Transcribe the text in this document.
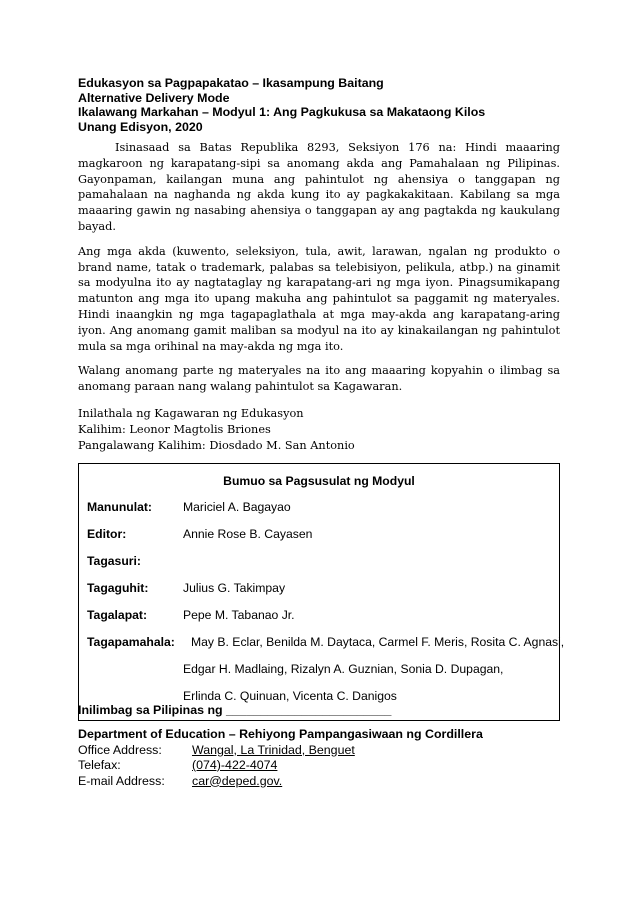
Edukasyon sa Pagpapakatao – Ikasampung Baitang
Alternative Delivery Mode
Ikalawang Markahan – Modyul 1: Ang Pagkukusa sa Makataong Kilos
Unang Edisyon, 2020
Isinasaad sa Batas Republika 8293, Seksiyon 176 na: Hindi maaaring magkaroon ng karapatang-sipi sa anomang akda ang Pamahalaan ng Pilipinas. Gayonpaman, kailangan muna ang pahintulot ng ahensiya o tanggapan ng pamahalaan na naghanda ng akda kung ito ay pagkakakitaan. Kabilang sa mga maaaring gawin ng nasabing ahensiya o tanggapan ay ang pagtakda ng kaukulang bayad.
Ang mga akda (kuwento, seleksiyon, tula, awit, larawan, ngalan ng produkto o brand name, tatak o trademark, palabas sa telebisiyon, pelikula, atbp.) na ginamit sa modyulna ito ay nagtataglay ng karapatang-ari ng mga iyon. Pinagsumikapang matunton ang mga ito upang makuha ang pahintulot sa paggamit ng materyales. Hindi inaangkin ng mga tagapaglathala at mga may-akda ang karapatang-aring iyon. Ang anomang gamit maliban sa modyul na ito ay kinakailangan ng pahintulot mula sa mga orihinal na may-akda ng mga ito.
Walang anomang parte ng materyales na ito ang maaaring kopyahin o ilimbag sa anomang paraan nang walang pahintulot sa Kagawaran.
Inilathala ng Kagawaran ng Edukasyon
Kalihim: Leonor Magtolis Briones
Pangalawang Kalihim: Diosdado M. San Antonio
Bumuo sa Pagsusulat ng Modyul
Manunulat:	Mariciel A. Bagayao
Editor:	Annie Rose B. Cayasen
Tagasuri:
Tagaguhit:	Julius G. Takimpay
Tagalapat:	Pepe M. Tabanao Jr.
Tagapamahala: May B. Eclar, Benilda M. Daytaca, Carmel F. Meris, Rosita C. Agnasi,
Edgar H. Madlaing, Rizalyn A. Guznian, Sonia D. Dupagan,
Erlinda C. Quinuan, Vicenta C. Danigos
Inilimbag sa Pilipinas ng ________________________
Department of Education – Rehiyong Pampangasiwaan ng Cordillera
Office Address: Wangal, La Trinidad, Benguet
Telefax:	(074)-422-4074
E-mail Address: car@deped.gov.
